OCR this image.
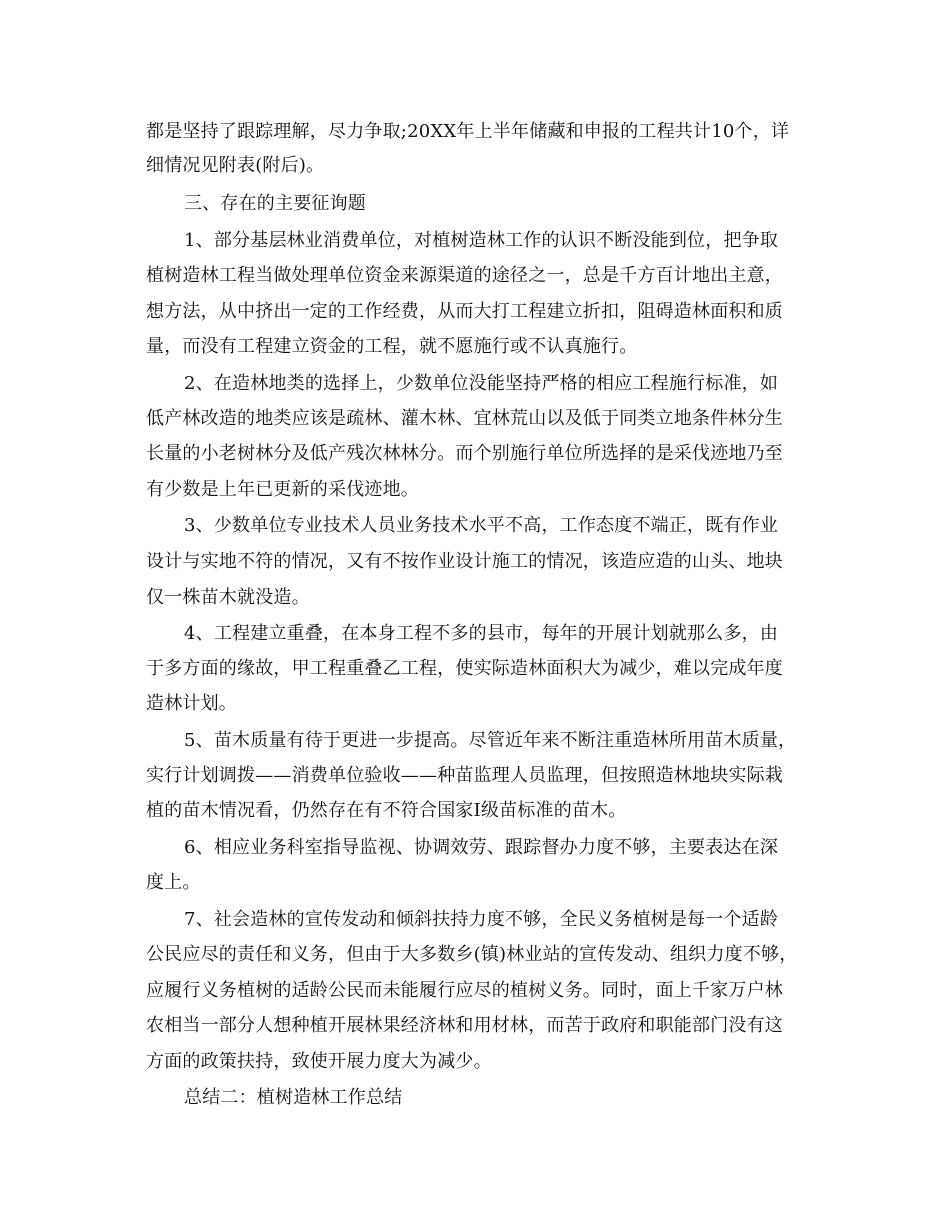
都是坚持了跟踪理解，尽力争取;20XX年上半年储藏和申报的工程共计10个，详
细情况见附表(附后)。
三、存在的主要征询题
1、部分基层林业消费单位，对植树造林工作的认识不断没能到位，把争取
植树造林工程当做处理单位资金来源渠道的途径之一，总是千方百计地出主意，
想方法，从中挤出一定的工作经费，从而大打工程建立折扣，阻碍造林面积和质
量，而没有工程建立资金的工程，就不愿施行或不认真施行。
2、在造林地类的选择上，少数单位没能坚持严格的相应工程施行标准，如
低产林改造的地类应该是疏林、灌木林、宜林荒山以及低于同类立地条件林分生
长量的小老树林分及低产残次林林分。而个别施行单位所选择的是采伐迹地乃至
有少数是上年已更新的采伐迹地。
3、少数单位专业技术人员业务技术水平不高，工作态度不端正，既有作业
设计与实地不符的情况，又有不按作业设计施工的情况，该造应造的山头、地块
仅一株苗木就没造。
4、工程建立重叠，在本身工程不多的县市，每年的开展计划就那么多，由
于多方面的缘故，甲工程重叠乙工程，使实际造林面积大为减少，难以完成年度
造林计划。
5、苗木质量有待于更进一步提高。尽管近年来不断注重造林所用苗木质量，
实行计划调拨——消费单位验收——种苗监理人员监理，但按照造林地块实际栽
植的苗木情况看，仍然存在有不符合国家Ⅰ级苗标准的苗木。
6、相应业务科室指导监视、协调效劳、跟踪督办力度不够，主要表达在深
度上。
7、社会造林的宣传发动和倾斜扶持力度不够，全民义务植树是每一个适龄
公民应尽的责任和义务，但由于大多数乡(镇)林业站的宣传发动、组织力度不够，
应履行义务植树的适龄公民而未能履行应尽的植树义务。同时，面上千家万户林
农相当一部分人想种植开展林果经济林和用材林，而苦于政府和职能部门没有这
方面的政策扶持，致使开展力度大为减少。
总结二：植树造林工作总结
